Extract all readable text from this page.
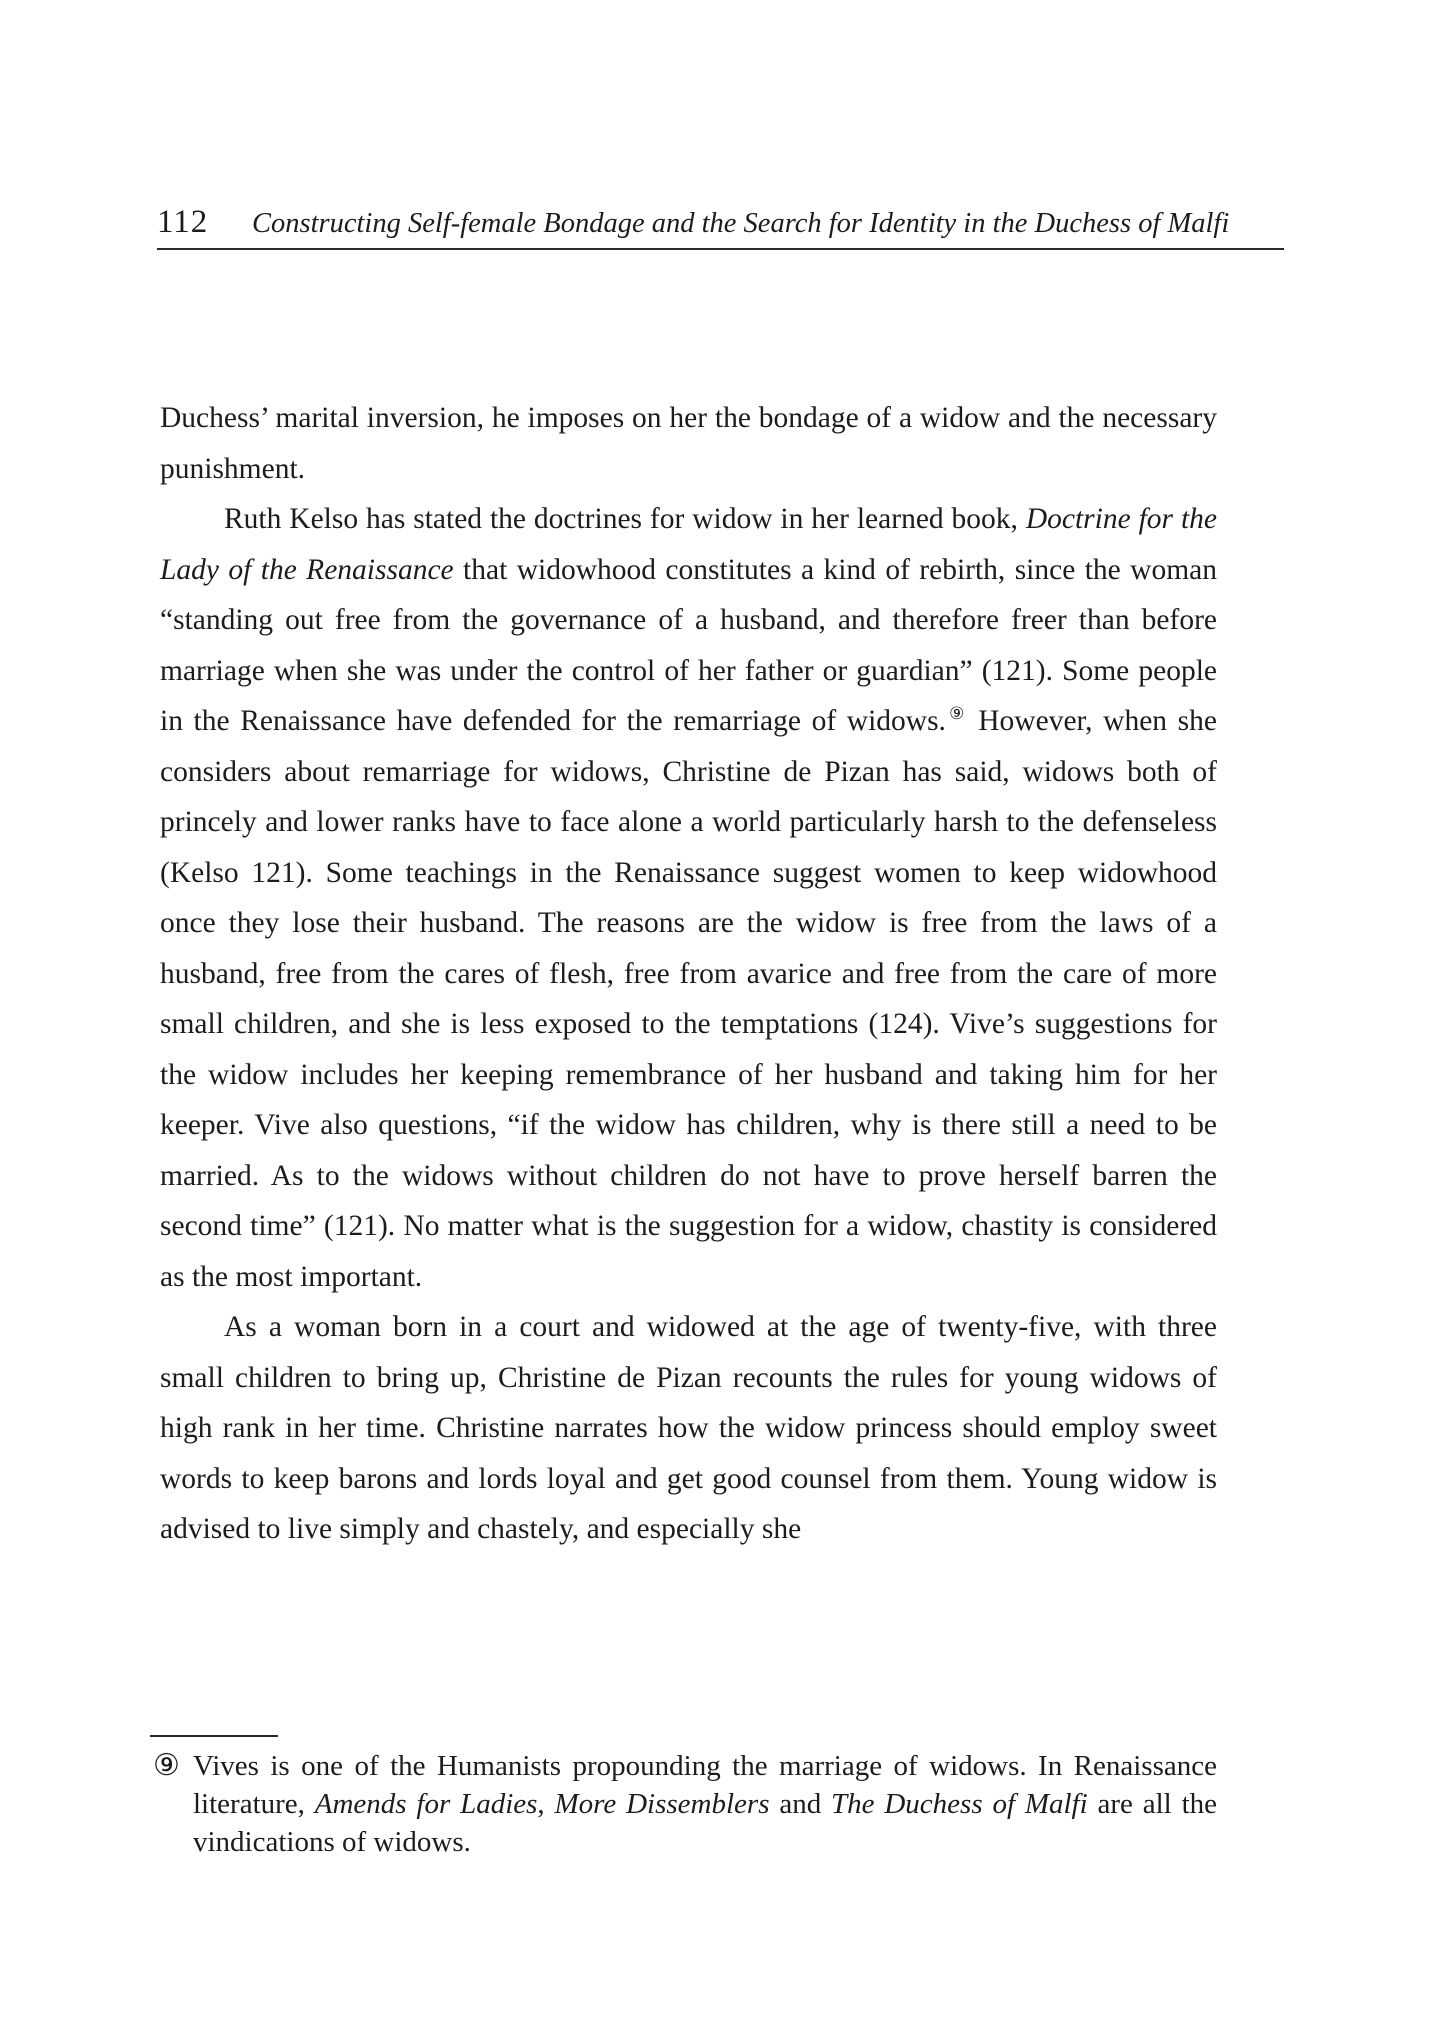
112 Constructing Self-female Bondage and the Search for Identity in the Duchess of Malfi

Duchess’ marital inversion, he imposes on her the bondage of a widow and the necessary punishment.

Ruth Kelso has stated the doctrines for widow in her learned book, Doctrine for the Lady of the Renaissance that widowhood constitutes a kind of rebirth, since the woman “standing out free from the governance of a husband, and therefore freer than before marriage when she was under the control of her father or guardian” (121). Some people in the Renaissance have defended for the remarriage of widows.⑨ However, when she considers about remarriage for widows, Christine de Pizan has said, widows both of princely and lower ranks have to face alone a world particularly harsh to the defenseless (Kelso 121). Some teachings in the Renaissance suggest women to keep widowhood once they lose their husband. The reasons are the widow is free from the laws of a husband, free from the cares of flesh, free from avarice and free from the care of more small children, and she is less exposed to the temptations (124). Vive’s suggestions for the widow includes her keeping remembrance of her husband and taking him for her keeper. Vive also questions, “if the widow has children, why is there still a need to be married. As to the widows without children do not have to prove herself barren the second time” (121). No matter what is the suggestion for a widow, chastity is considered as the most important.

As a woman born in a court and widowed at the age of twenty-five, with three small children to bring up, Christine de Pizan recounts the rules for young widows of high rank in her time. Christine narrates how the widow princess should employ sweet words to keep barons and lords loyal and get good counsel from them. Young widow is advised to live simply and chastely, and especially she

⑨ Vives is one of the Humanists propounding the marriage of widows. In Renaissance literature, Amends for Ladies, More Dissemblers and The Duchess of Malfi are all the vindications of widows.
